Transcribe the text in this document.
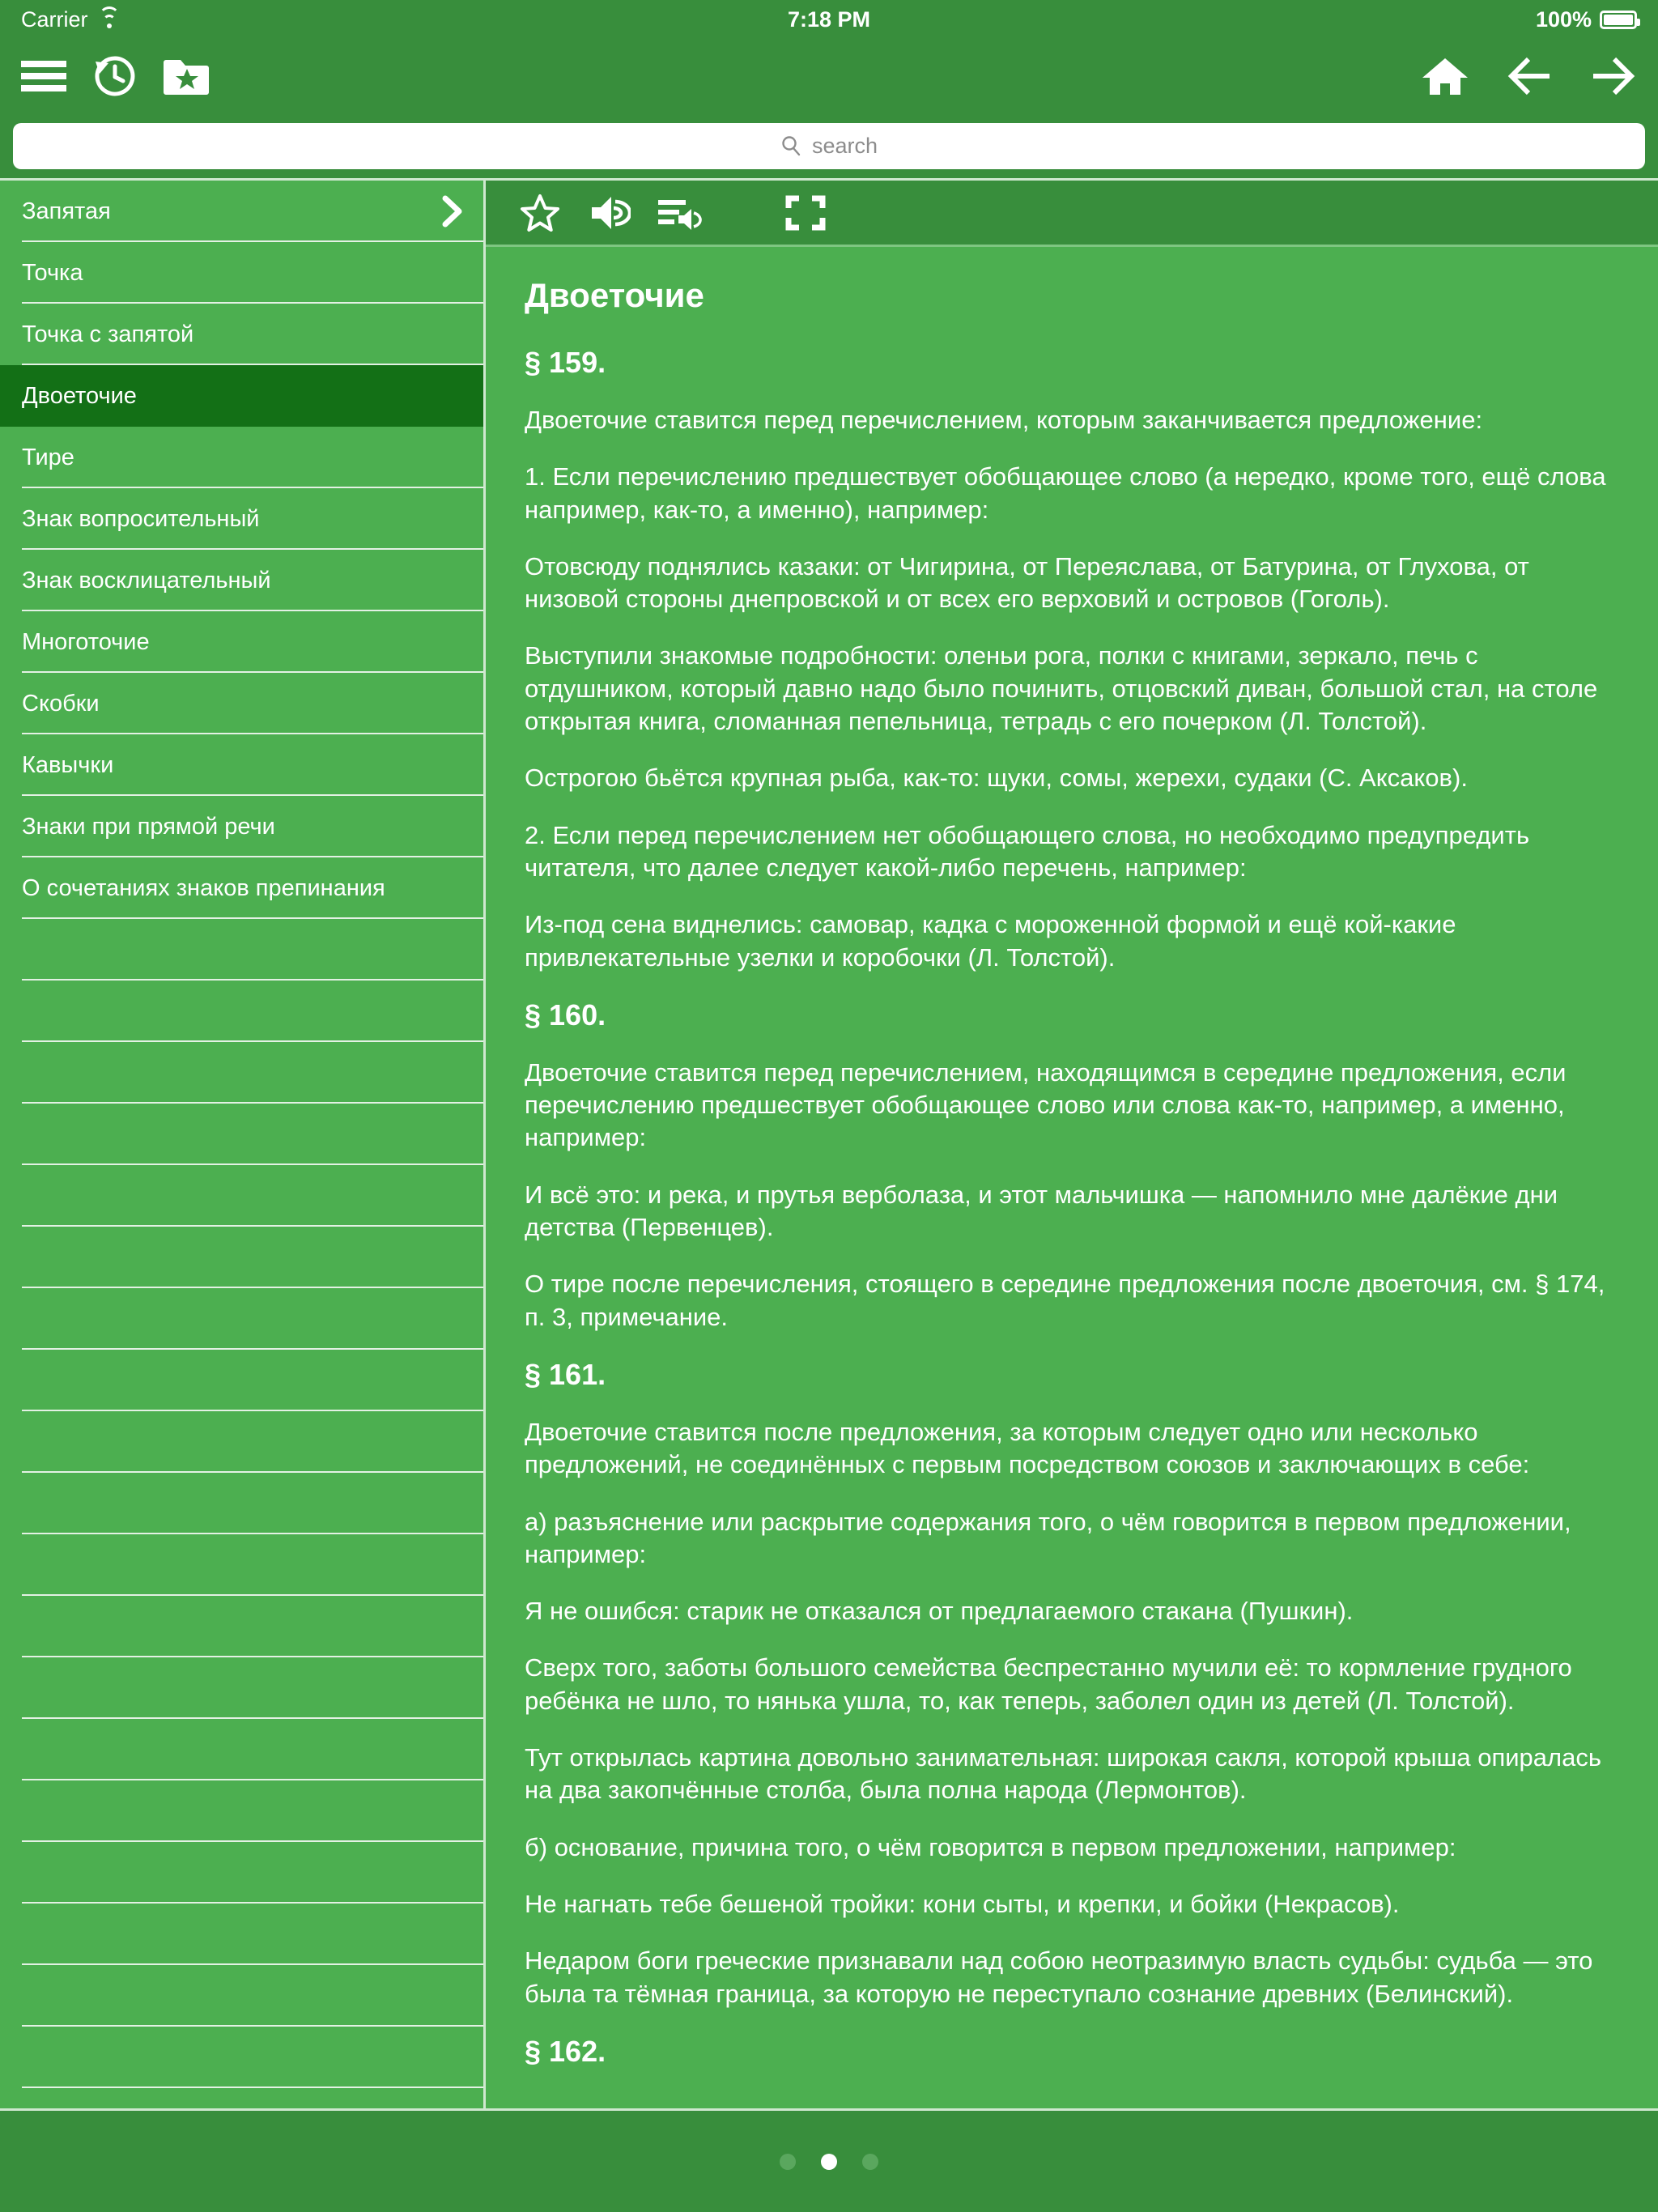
Carrier	7:18 PM	100%
search
Запятая
Точка
Точка с запятой
Двоеточие
Тире
Знак вопросительный
Знак восклицательный
Многоточие
Скобки
Кавычки
Знаки при прямой речи
О сочетаниях знаков препинания
Двоеточие
§ 159.
Двоеточие ставится перед перечислением, которым заканчивается предложение:
1. Если перечислению предшествует обобщающее слово (а нередко, кроме того, ещё слова например, как-то, а именно), например:
Отовсюду поднялись казаки: от Чигирина, от Переяслава, от Батурина, от Глухова, от низовой стороны днепровской и от всех его верховий и островов (Гоголь).
Выступили знакомые подробности: оленьи рога, полки с книгами, зеркало, печь с отдушником, который давно надо было починить, отцовский диван, большой стал, на столе открытая книга, сломанная пепельница, тетрадь с его почерком (Л. Толстой).
Острогою бьётся крупная рыба, как-то: щуки, сомы, жерехи, судаки (С. Аксаков).
2. Если перед перечислением нет обобщающего слова, но необходимо предупредить читателя, что далее следует какой-либо перечень, например:
Из-под сена виднелись: самовар, кадка с мороженной формой и ещё кой-какие привлекательные узелки и коробочки (Л. Толстой).
§ 160.
Двоеточие ставится перед перечислением, находящимся в середине предложения, если перечислению предшествует обобщающее слово или слова как-то, например, а именно, например:
И всё это: и река, и прутья верболаза, и этот мальчишка — напомнило мне далёкие дни детства (Первенцев).
О тире после перечисления, стоящего в середине предложения после двоеточия, см. § 174, п. 3, примечание.
§ 161.
Двоеточие ставится после предложения, за которым следует одно или несколько предложений, не соединённых с первым посредством союзов и заключающих в себе:
а) разъяснение или раскрытие содержания того, о чём говорится в первом предложении, например:
Я не ошибся: старик не отказался от предлагаемого стакана (Пушкин).
Сверх того, заботы большого семейства беспрестанно мучили её: то кормление грудного ребёнка не шло, то нянька ушла, то, как теперь, заболел один из детей (Л. Толстой).
Тут открылась картина довольно занимательная: широкая сакля, которой крыша опиралась на два закопчённые столба, была полна народа (Лермонтов).
б) основание, причина того, о чём говорится в первом предложении, например:
Не нагнать тебе бешеной тройки: кони сыты, и крепки, и бойки (Некрасов).
Недаром боги греческие признавали над собою неотразимую власть судьбы: судьба — это была та тёмная граница, за которую не переступало сознание древних (Белинский).
§ 162.
